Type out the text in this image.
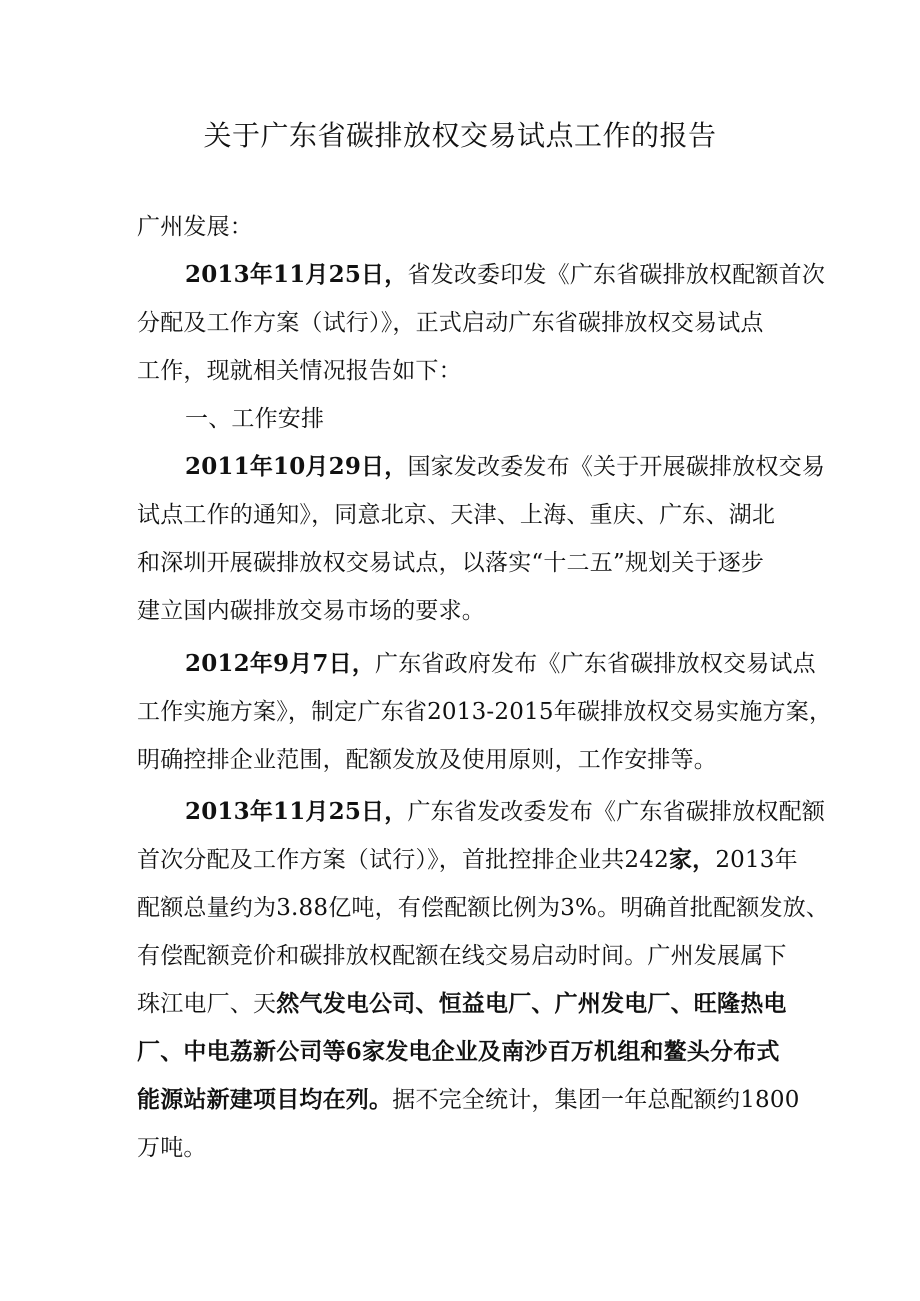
关于广东省碳排放权交易试点工作的报告
广州发展：
2013年11月25日，省发改委印发《广东省碳排放权配额首次
分配及工作方案（试行）》，正式启动广东省碳排放权交易试点
工作，现就相关情况报告如下：
一、工作安排
2011年10月29日，国家发改委发布《关于开展碳排放权交易
试点工作的通知》，同意北京、天津、上海、重庆、广东、湖北
和深圳开展碳排放权交易试点，以落实“十二五”规划关于逐步
建立国内碳排放交易市场的要求。
2012年9月7日，广东省政府发布《广东省碳排放权交易试点
工作实施方案》，制定广东省2013-2015年碳排放权交易实施方案，
明确控排企业范围，配额发放及使用原则，工作安排等。
2013年11月25日，广东省发改委发布《广东省碳排放权配额
首次分配及工作方案（试行）》，首批控排企业共242家，2013年
配额总量约为3.88亿吨，有偿配额比例为3%。明确首批配额发放、
有偿配额竞价和碳排放权配额在线交易启动时间。广州发展属下
珠江电厂、天然气发电公司、恒益电厂、广州发电厂、旺隆热电
厂、中电荔新公司等6家发电企业及南沙百万机组和鳌头分布式
能源站新建项目均在列。据不完全统计，集团一年总配额约1800
万吨。
